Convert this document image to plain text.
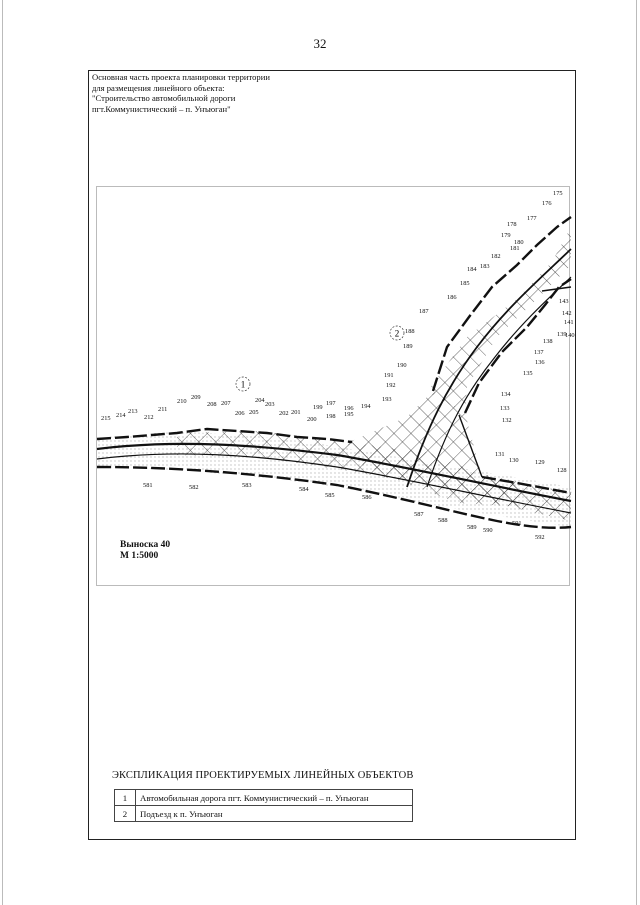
32
Основная часть проекта планировки территории
для размещения линейного объекта:
"Строительство автомобильной дороги
пгт.Коммунистический – п. Унъюган"
1
2
215 214
213
212
211
210
209
208 207
206 205
204
203
202 201
200
199
198
197
196
195
194
193
192
191
190
189
188
187
186
185
184 183
182
181
180
179
178
177
176
175
143
142
141
140
139
138
137
136
135
134
133
132
131
130	129
128
581	582	583
584
585	586
587
588
589 590
591
592
Выноска 40
М 1:5000
ЭКСПЛИКАЦИЯ ПРОЕКТИРУЕМЫХ ЛИНЕЙНЫХ ОБЪЕКТОВ
1	Автомобильная дорога пгт. Коммунистический – п. Унъюган
2	Подъезд к п. Унъюган
